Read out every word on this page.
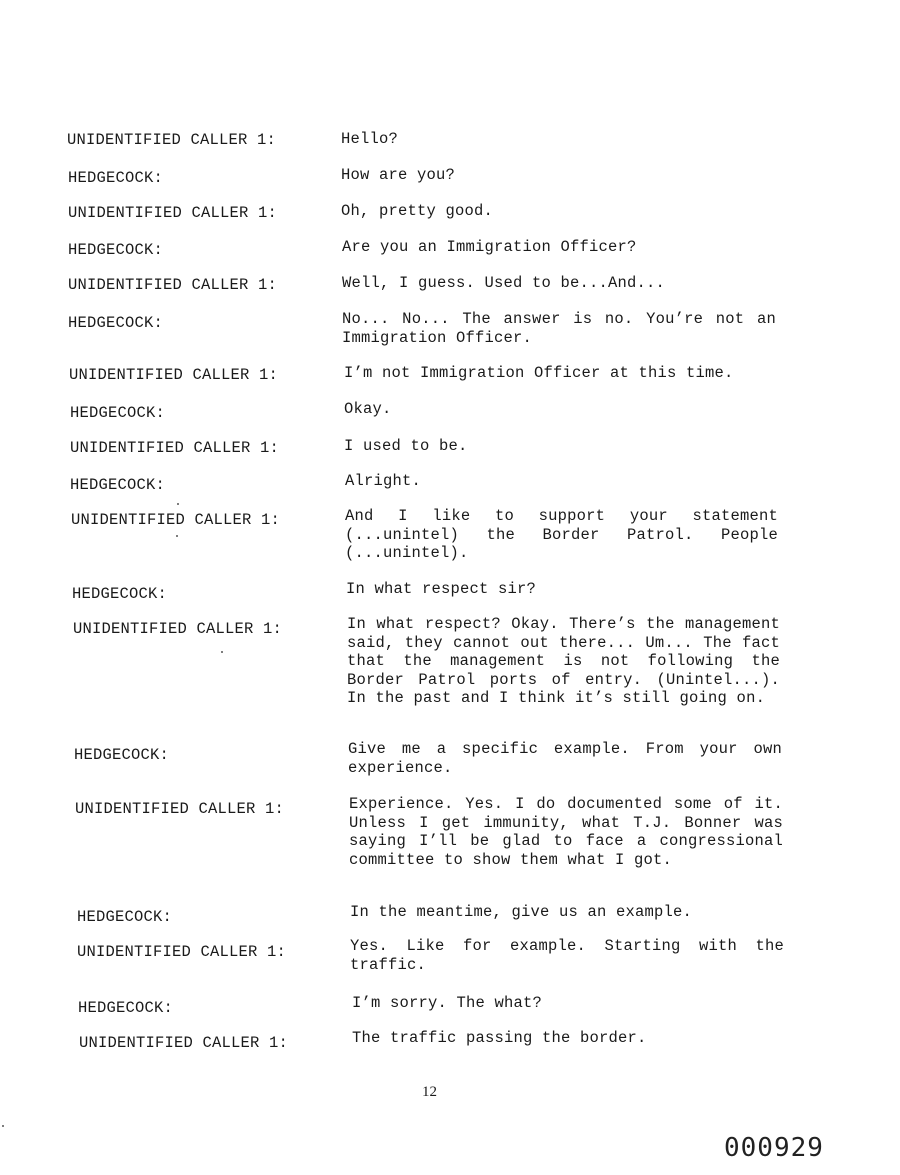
UNIDENTIFIED CALLER 1:	Hello?
HEDGECOCK:	How are you?
UNIDENTIFIED CALLER 1:	Oh, pretty good.
HEDGECOCK:	Are you an Immigration Officer?
UNIDENTIFIED CALLER 1:	Well, I guess. Used to be...And...
HEDGECOCK:	No... No... The answer is no. You’re not an Immigration Officer.
UNIDENTIFIED CALLER 1:	I’m not Immigration Officer at this time.
HEDGECOCK:	Okay.
UNIDENTIFIED CALLER 1:	I used to be.
HEDGECOCK:	Alright.
UNIDENTIFIED CALLER 1:	And I like to support your statement (...unintel) the Border Patrol. People (...unintel).
HEDGECOCK:	In what respect sir?
UNIDENTIFIED CALLER 1:	In what respect? Okay. There’s the management said, they cannot out there... Um... The fact that the management is not following the Border Patrol ports of entry. (Unintel...). In the past and I think it’s still going on.
HEDGECOCK:	Give me a specific example. From your own experience.
UNIDENTIFIED CALLER 1:	Experience. Yes. I do documented some of it. Unless I get immunity, what T.J. Bonner was saying I’ll be glad to face a congressional committee to show them what I got.
HEDGECOCK:	In the meantime, give us an example.
UNIDENTIFIED CALLER 1:	Yes. Like for example. Starting with the traffic.
HEDGECOCK:	I’m sorry. The what?
UNIDENTIFIED CALLER 1:	The traffic passing the border.
12
000929
